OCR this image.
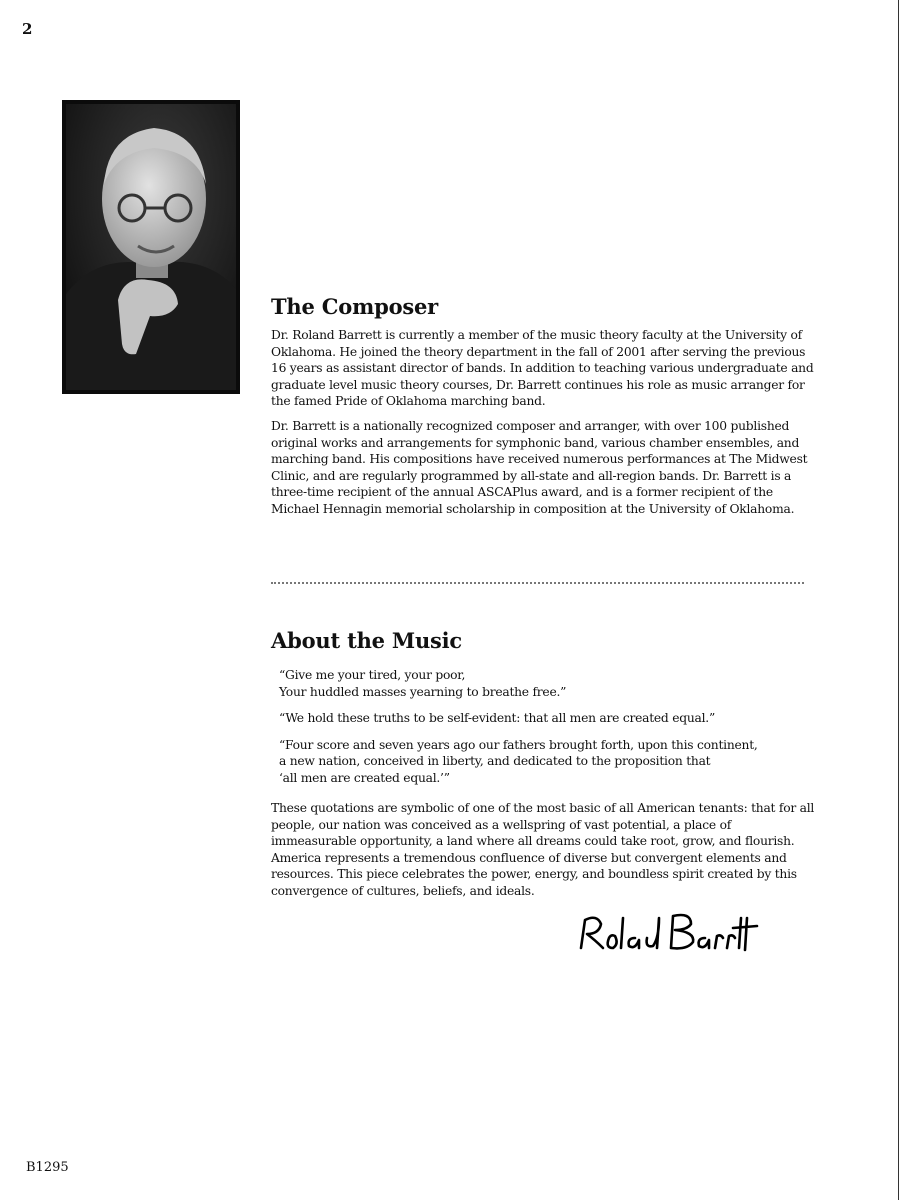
2
The Composer

Dr. Roland Barrett is currently a member of the music theory faculty at the University of Oklahoma. He joined the theory department in the fall of 2001 after serving the previous 16 years as assistant director of bands. In addition to teaching various undergraduate and graduate level music theory courses, Dr. Barrett continues his role as music arranger for the famed Pride of Oklahoma marching band.

Dr. Barrett is a nationally recognized composer and arranger, with over 100 published original works and arrangements for symphonic band, various chamber ensembles, and marching band. His compositions have received numerous performances at The Midwest Clinic, and are regularly programmed by all-state and all-region bands. Dr. Barrett is a three-time recipient of the annual ASCAPlus award, and is a former recipient of the Michael Hennagin memorial scholarship in composition at the University of Oklahoma.

About the Music
“Give me your tired, your poor,
Your huddled masses yearning to breathe free.”
“We hold these truths to be self-evident: that all men are created equal.”
“Four score and seven years ago our fathers brought forth, upon this continent,
a new nation, conceived in liberty, and dedicated to the proposition that
‘all men are created equal.’”

These quotations are symbolic of one of the most basic of all American tenants: that for all people, our nation was conceived as a wellspring of vast potential, a place of immeasurable opportunity, a land where all dreams could take root, grow, and flourish. America represents a tremendous confluence of diverse but convergent elements and resources. This piece celebrates the power, energy, and boundless spirit created by this convergence of cultures, beliefs, and ideals.

B1295
